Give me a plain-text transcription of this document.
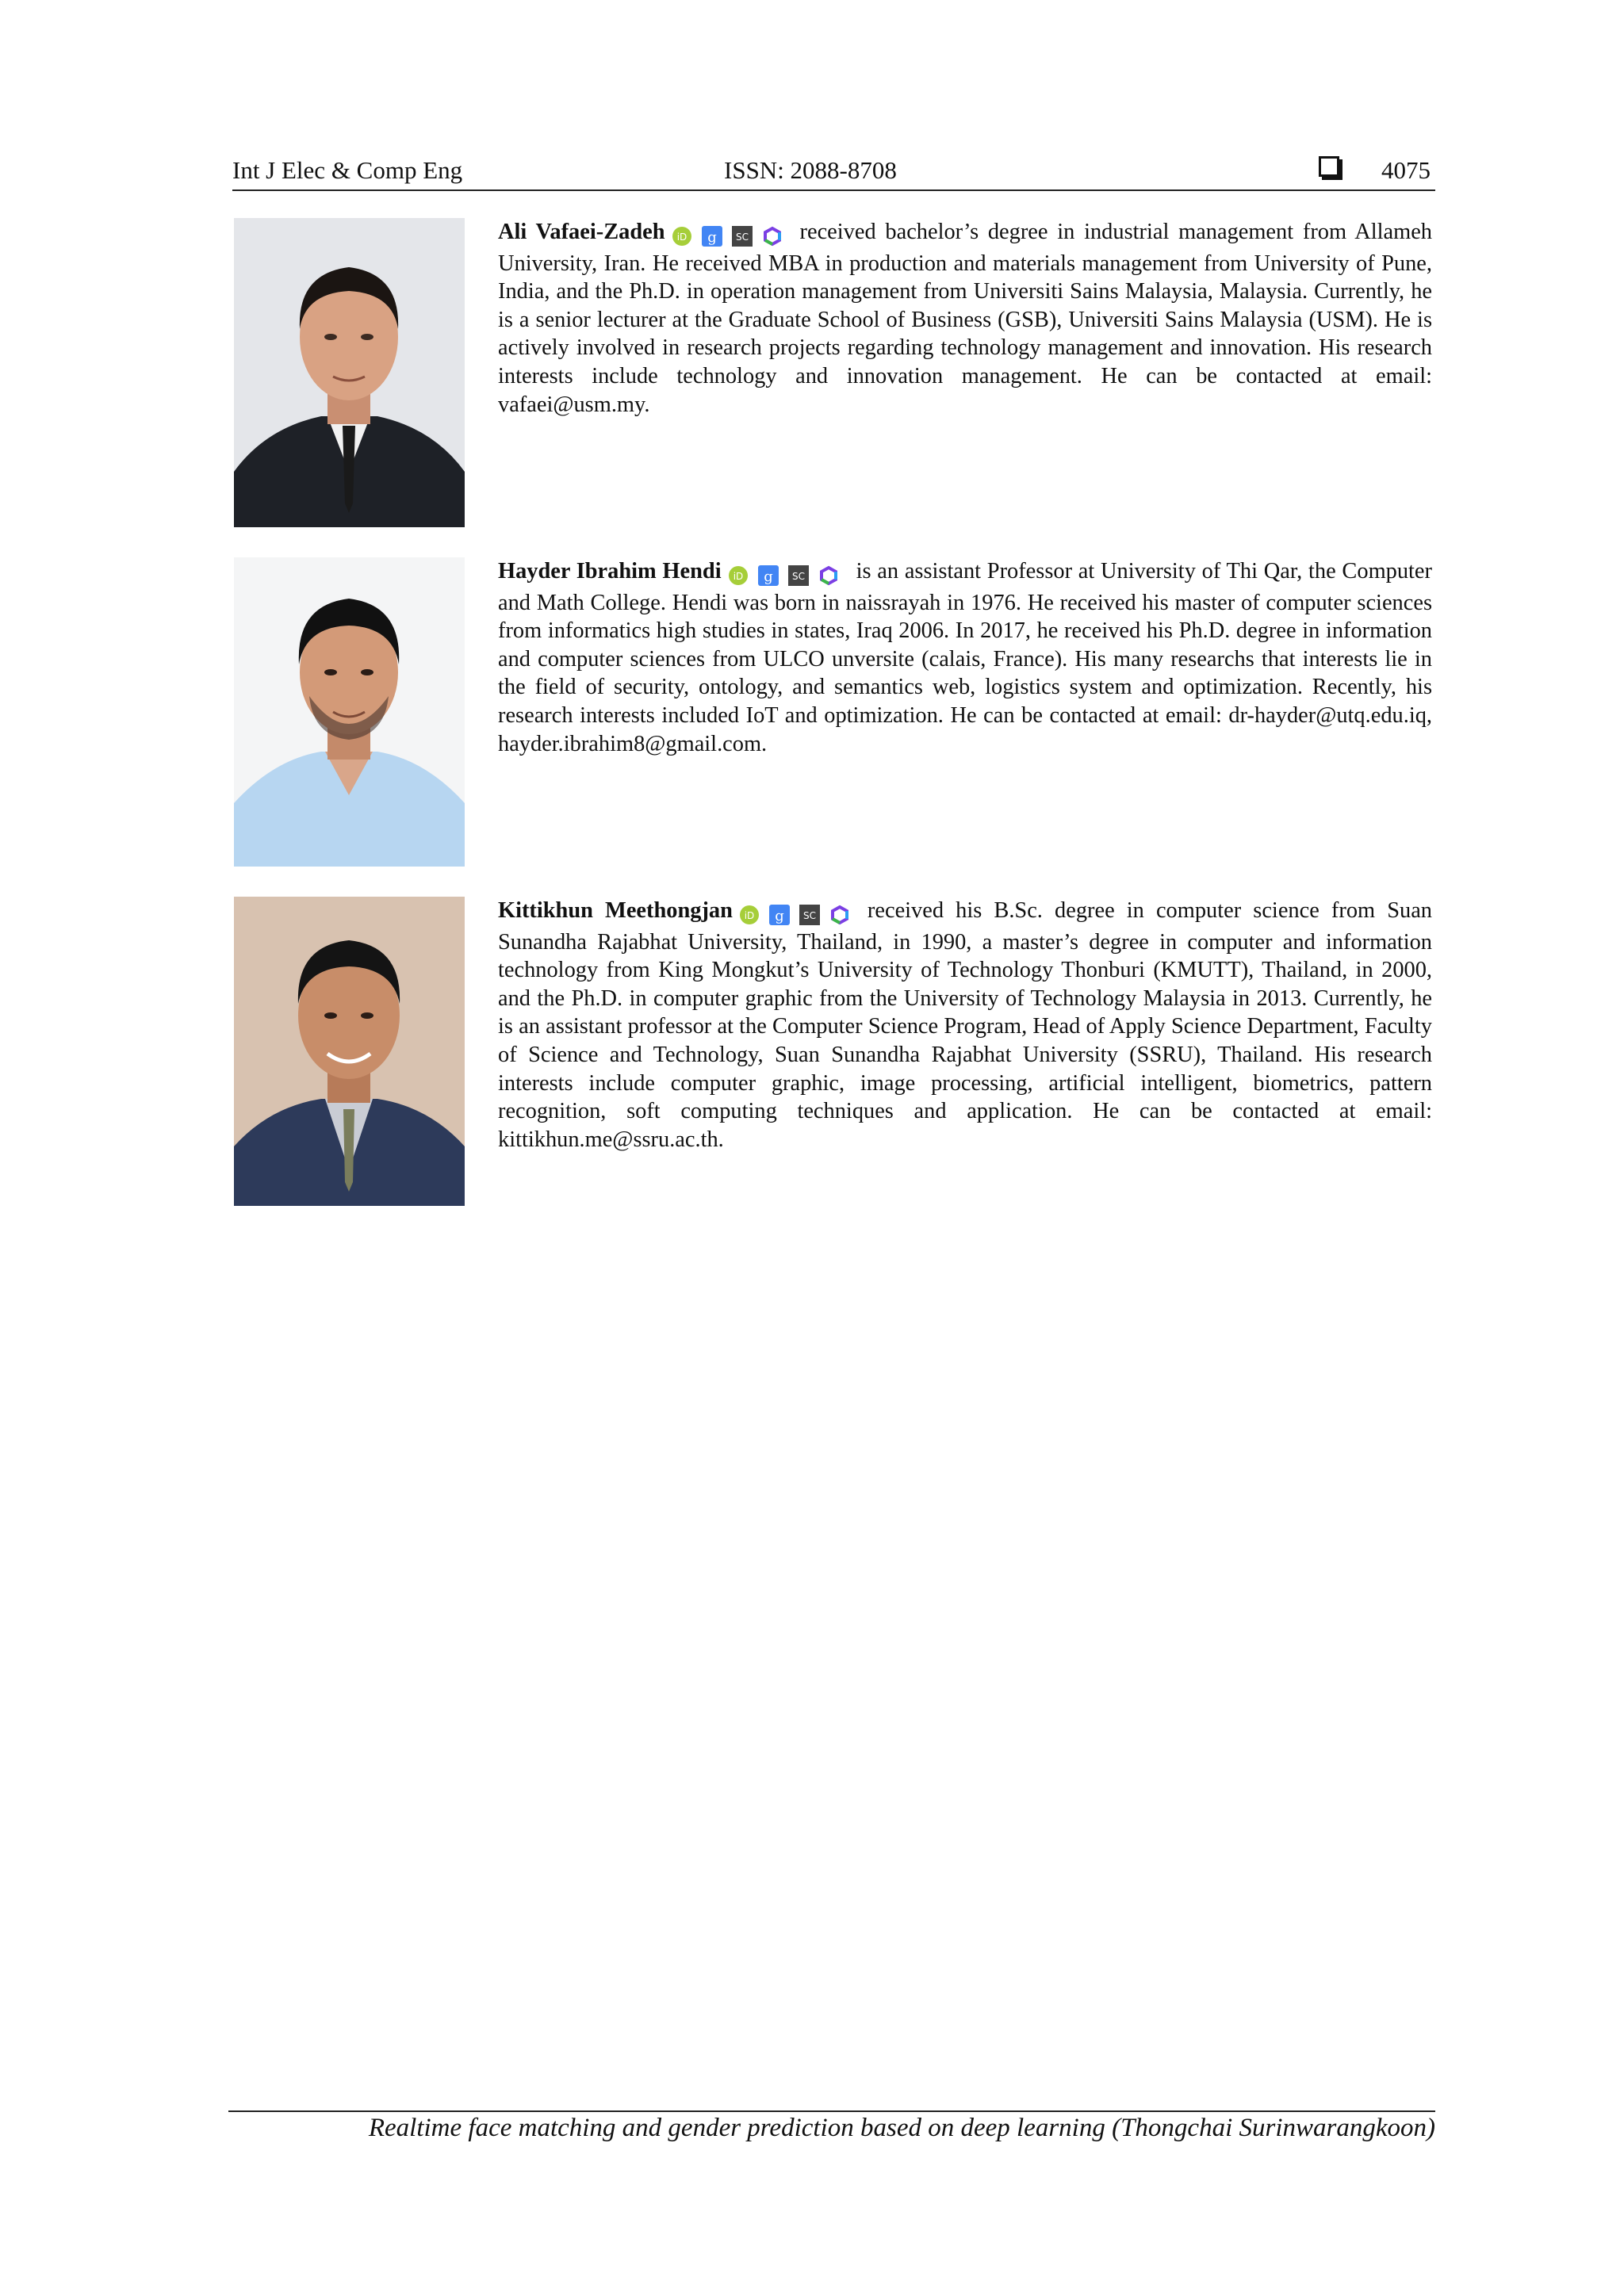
Int J Elec & Comp Eng	ISSN: 2088-8708	4075

Ali Vafaei-Zadeh iD g SC received bachelor’s degree in industrial management from Allameh University, Iran. He received MBA in production and materials management from University of Pune, India, and the Ph.D. in operation management from Universiti Sains Malaysia, Malaysia. Currently, he is a senior lecturer at the Graduate School of Business (GSB), Universiti Sains Malaysia (USM). He is actively involved in research projects regarding technology management and innovation. His research interests include technology and innovation management. He can be contacted at email: vafaei@usm.my.

Hayder Ibrahim Hendi iD g SC is an assistant Professor at University of Thi Qar, the Computer and Math College. Hendi was born in naissrayah in 1976. He received his master of computer sciences from informatics high studies in states, Iraq 2006. In 2017, he received his Ph.D. degree in information and computer sciences from ULCO unversite (calais, France). His many researchs that interests lie in the field of security, ontology, and semantics web, logistics system and optimization. Recently, his research interests included IoT and optimization. He can be contacted at email: dr-hayder@utq.edu.iq, hayder.ibrahim8@gmail.com.

Kittikhun Meethongjan iD g SC received his B.Sc. degree in computer science from Suan Sunandha Rajabhat University, Thailand, in 1990, a master’s degree in computer and information technology from King Mongkut’s University of Technology Thonburi (KMUTT), Thailand, in 2000, and the Ph.D. in computer graphic from the University of Technology Malaysia in 2013. Currently, he is an assistant professor at the Computer Science Program, Head of Apply Science Department, Faculty of Science and Technology, Suan Sunandha Rajabhat University (SSRU), Thailand. His research interests include computer graphic, image processing, artificial intelligent, biometrics, pattern recognition, soft computing techniques and application. He can be contacted at email: kittikhun.me@ssru.ac.th.

Realtime face matching and gender prediction based on deep learning (Thongchai Surinwarangkoon)
